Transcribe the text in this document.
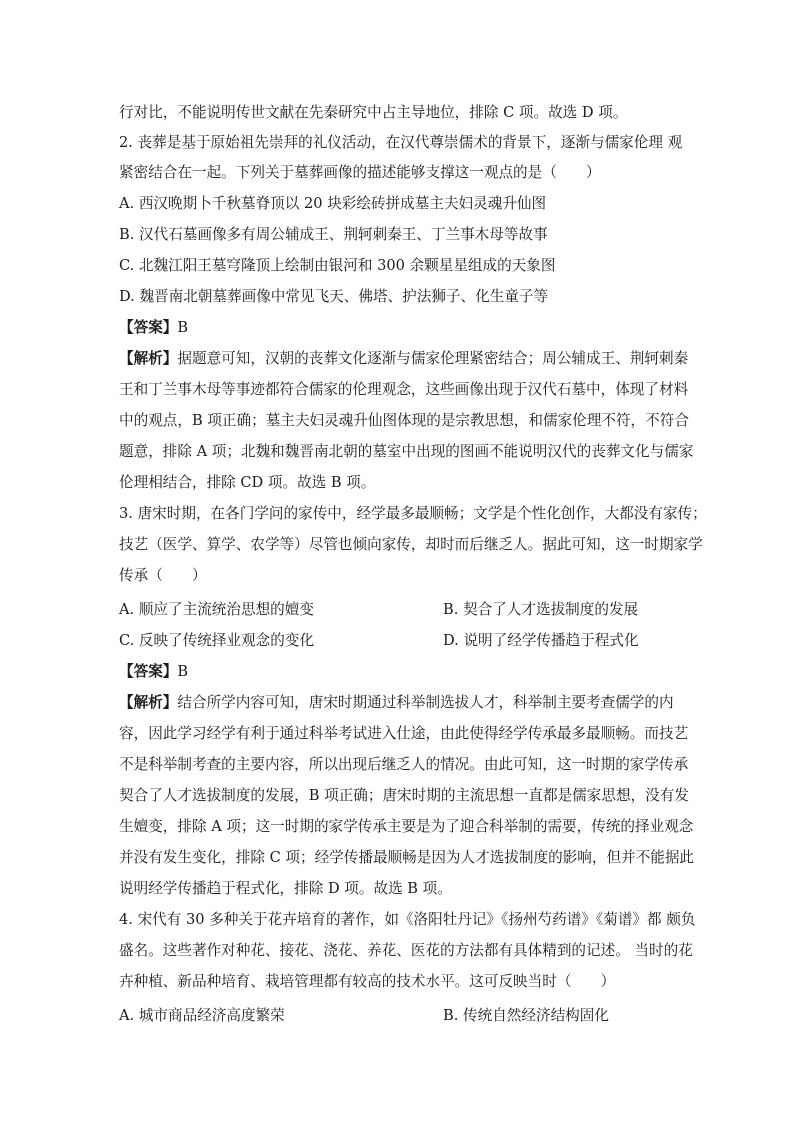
行对比，不能说明传世文献在先秦研究中占主导地位，排除 C 项。故选 D 项。
2. 丧葬是基于原始祖先崇拜的礼仪活动，在汉代尊崇儒术的背景下，逐渐与儒家伦理 观
紧密结合在一起。下列关于墓葬画像的描述能够支撑这一观点的是（　　）
A. 西汉晚期卜千秋墓脊顶以 20 块彩绘砖拼成墓主夫妇灵魂升仙图
B. 汉代石墓画像多有周公辅成王、荆轲刺秦王、丁兰事木母等故事
C. 北魏江阳王墓穹隆顶上绘制由银河和 300 余颗星星组成的天象图
D. 魏晋南北朝墓葬画像中常见飞天、佛塔、护法狮子、化生童子等
【答案】B
【解析】据题意可知，汉朝的丧葬文化逐渐与儒家伦理紧密结合；周公辅成王、荆轲刺秦
王和丁兰事木母等事迹都符合儒家的伦理观念，这些画像出现于汉代石墓中，体现了材料
中的观点，B 项正确；墓主夫妇灵魂升仙图体现的是宗教思想，和儒家伦理不符，不符合
题意，排除 A 项；北魏和魏晋南北朝的墓室中出现的图画不能说明汉代的丧葬文化与儒家
伦理相结合，排除 CD 项。故选 B 项。
3. 唐宋时期，在各门学问的家传中，经学最多最顺畅；文学是个性化创作，大都没有家传；
技艺（医学、算学、农学等）尽管也倾向家传，却时而后继乏人。据此可知，这一时期家学
传承（　　）
A. 顺应了主流统治思想的嬗变	B. 契合了人才选拔制度的发展
C. 反映了传统择业观念的变化	D. 说明了经学传播趋于程式化
【答案】B
【解析】结合所学内容可知，唐宋时期通过科举制选拔人才，科举制主要考查儒学的内
容，因此学习经学有利于通过科举考试进入仕途，由此使得经学传承最多最顺畅。而技艺
不是科举制考查的主要内容，所以出现后继乏人的情况。由此可知，这一时期的家学传承
契合了人才选拔制度的发展，B 项正确；唐宋时期的主流思想一直都是儒家思想，没有发
生嬗变，排除 A 项；这一时期的家学传承主要是为了迎合科举制的需要，传统的择业观念
并没有发生变化，排除 C 项；经学传播最顺畅是因为人才选拔制度的影响，但并不能据此
说明经学传播趋于程式化，排除 D 项。故选 B 项。
4. 宋代有 30 多种关于花卉培育的著作，如《洛阳牡丹记》《扬州芍药谱》《菊谱》都 颇负
盛名。这些著作对种花、接花、浇花、养花、医花的方法都有具体精到的记述。 当时的花
卉种植、新品种培育、栽培管理都有较高的技术水平。这可反映当时（　　）
A. 城市商品经济高度繁荣	B. 传统自然经济结构固化
